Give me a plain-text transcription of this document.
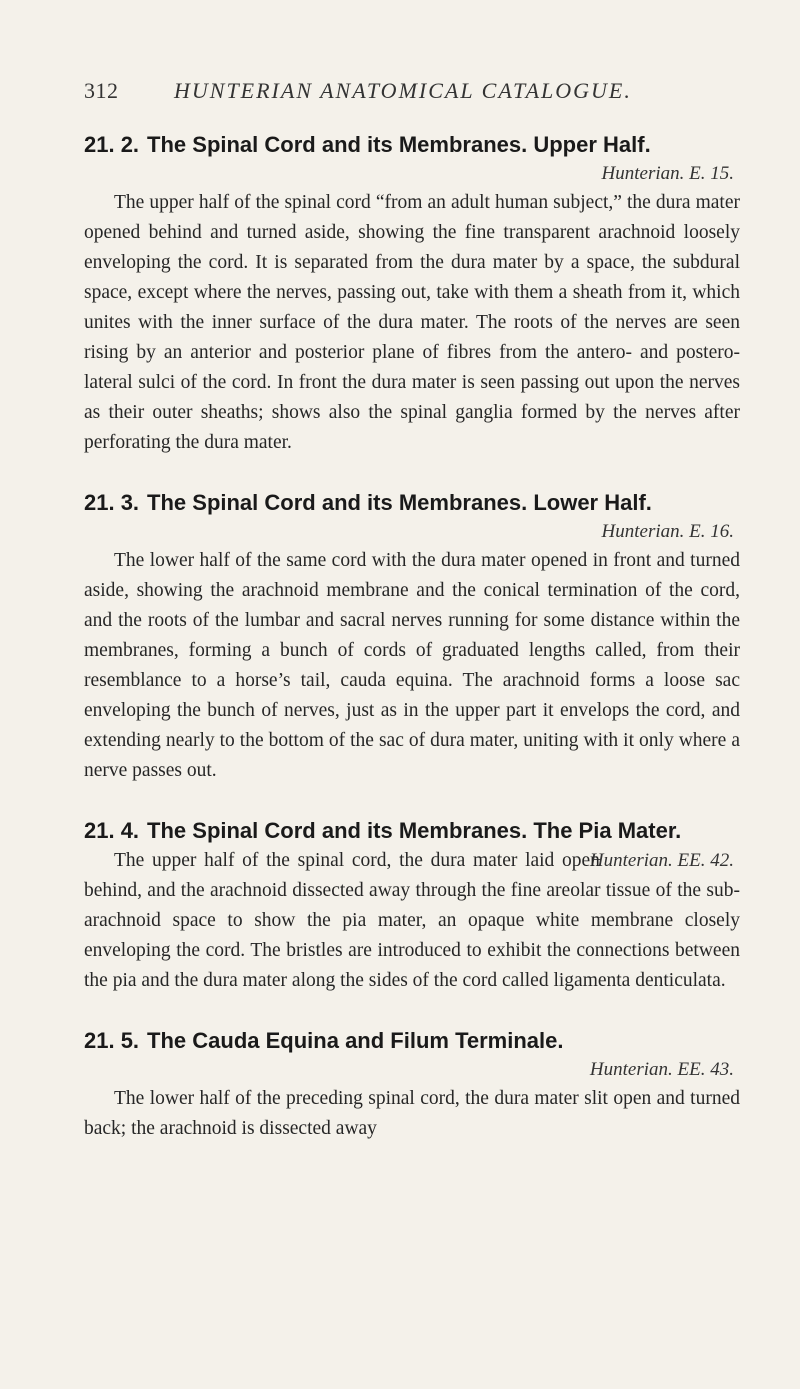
312	HUNTERIAN ANATOMICAL CATALOGUE.
21. 2. The Spinal Cord and its Membranes. Upper Half.
Hunterian. E. 15.

The upper half of the spinal cord “from an adult human subject,” the dura mater opened behind and turned aside, showing the fine transparent arachnoid loosely enveloping the cord. It is separated from the dura mater by a space, the subdural space, except where the nerves, passing out, take with them a sheath from it, which unites with the inner surface of the dura mater. The roots of the nerves are seen rising by an anterior and posterior plane of fibres from the antero- and postero-lateral sulci of the cord. In front the dura mater is seen passing out upon the nerves as their outer sheaths; shows also the spinal ganglia formed by the nerves after perforating the dura mater.

21. 3. The Spinal Cord and its Membranes. Lower Half.
Hunterian. E. 16.

The lower half of the same cord with the dura mater opened in front and turned aside, showing the arachnoid membrane and the conical termination of the cord, and the roots of the lumbar and sacral nerves running for some distance within the membranes, forming a bunch of cords of graduated lengths called, from their resemblance to a horse’s tail, cauda equina. The arachnoid forms a loose sac enveloping the bunch of nerves, just as in the upper part it envelops the cord, and extending nearly to the bottom of the sac of dura mater, uniting with it only where a nerve passes out.

21. 4. The Spinal Cord and its Membranes. The Pia Mater.
Hunterian. EE. 42.

The upper half of the spinal cord, the dura mater laid open behind, and the arachnoid dissected away through the fine areolar tissue of the sub-arachnoid space to show the pia mater, an opaque white membrane closely enveloping the cord. The bristles are introduced to exhibit the connections between the pia and the dura mater along the sides of the cord called ligamenta denticulata.

21. 5. The Cauda Equina and Filum Terminale.
Hunterian. EE. 43.

The lower half of the preceding spinal cord, the dura mater slit open and turned back; the arachnoid is dissected away
